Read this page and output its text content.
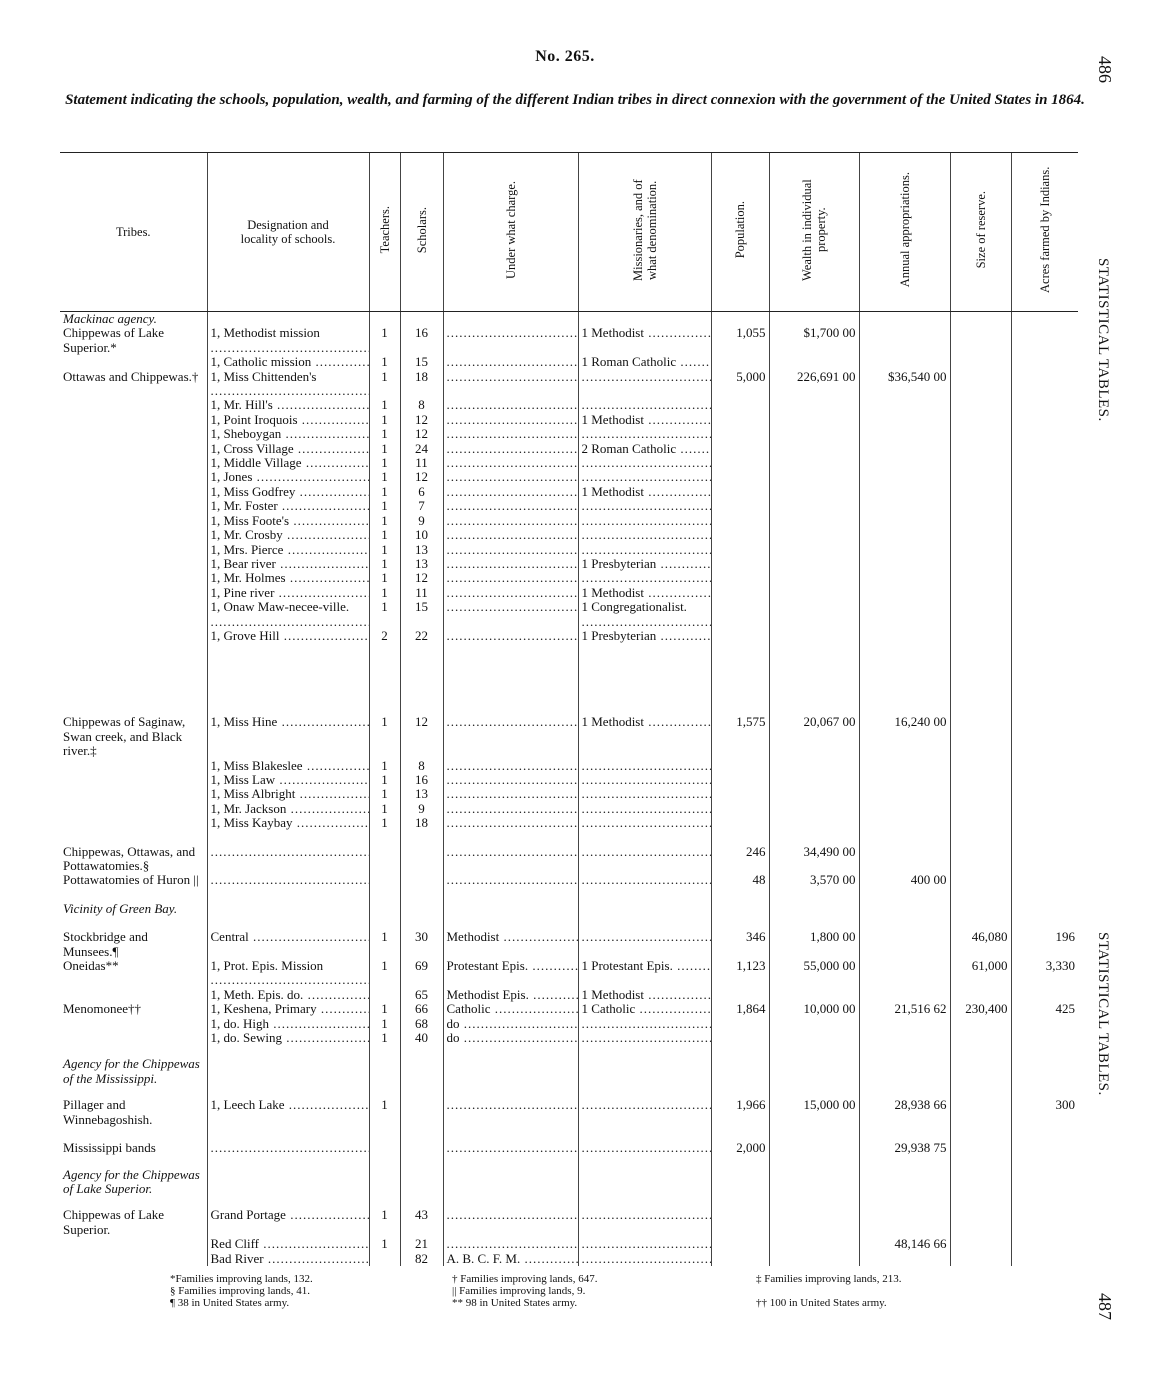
No. 265.
Statement indicating the schools, population, wealth, and farming of the different Indian tribes in direct connexion with the government of the United States in 1864.
486
STATISTICAL TABLES.
STATISTICAL TABLES.
487
Tribes.	Designation and locality of schools.	Teachers.	Scholars.	Under what charge.	Missionaries, and of what denomination.	Population.	Wealth in individual property.	Annual appropriations.	Size of reserve.	Acres farmed by Indians.
Mackinac agency.										
Chippewas of Lake Superior.*	1, Methodist mission .....	1	16	.....	1 Methodist .....	1,055	$1,700 00			
	1, Catholic mission .....	1	15	.....	1 Roman Catholic .....					
Ottawas and Chippewas.†	1, Miss Chittenden's .....	1	18	.....	.....	5,000	226,691 00	$36,540 00		
	1, Mr. Hill's .....	1	8	.....	.....					
	1, Point Iroquois .....	1	12	.....	1 Methodist .....					
	1, Sheboygan .....	1	12	.....	.....					
	1, Cross Village .....	1	24	.....	2 Roman Catholic .....					
	1, Middle Village .....	1	11	.....	.....					
	1, Jones .....	1	12	.....	.....					
	1, Miss Godfrey .....	1	6	.....	1 Methodist .....					
	1, Mr. Foster .....	1	7	.....	.....					
	1, Miss Foote's .....	1	9	.....	.....					
	1, Mr. Crosby .....	1	10	.....	.....					
	1, Mrs. Pierce .....	1	13	.....	.....					
	1, Bear river .....	1	13	.....	1 Presbyterian .....					
	1, Mr. Holmes .....	1	12	.....	.....					
	1, Pine river .....	1	11	.....	1 Methodist .....					
	1, Onaw Maw-necee-ville. .....	1	15	.....	1 Congregationalist. .....					
	1, Grove Hill .....	2	22	.....	1 Presbyterian .....					

Chippewas of Saginaw, Swan creek, and Black river.‡	1, Miss Hine .....	1	12	.....	1 Methodist .....	1,575	20,067 00	16,240 00		
	1, Miss Blakeslee .....	1	8	.....	.....					
	1, Miss Law .....	1	16	.....	.....					
	1, Miss Albright .....	1	13	.....	.....					
	1, Mr. Jackson .....	1	9	.....	.....					
	1, Miss Kaybay .....	1	18	.....	.....					

Chippewas, Ottawas, and Pottawatomies.§	.....			.....	.....	246	34,490 00			
Pottawatomies of Huron ||	.....			.....	.....	48	3,570 00	400 00		

Vicinity of Green Bay.										

Stockbridge and Munsees.¶	Central .....	1	30	Methodist .....	.....	346	1,800 00		46,080	196
Oneidas**	1, Prot. Epis. Mission .....	1	69	Protestant Epis. .....	1 Protestant Epis. .....	1,123	55,000 00		61,000	3,330
	1, Meth. Epis. do. .....		65	Methodist Epis. .....	1 Methodist .....					
Menomonee††	1, Keshena, Primary .....	1	66	Catholic .....	1 Catholic .....	1,864	10,000 00	21,516 62	230,400	425
	1, do. High .....	1	68	do .....	.....					
	1, do. Sewing .....	1	40	do .....	.....					

Agency for the Chippewas of the Mississippi.										

Pillager and Winnebagoshish.	1, Leech Lake .....	1		.....	.....	1,966	15,000 00	28,938 66		300

Mississippi bands	.....			.....	.....	2,000		29,938 75		

Agency for the Chippewas of Lake Superior.										

Chippewas of Lake Superior.	Grand Portage .....	1	43	.....	.....					
	Red Cliff .....	1	21	.....	.....			48,146 66		
	Bad River .....		82	A. B. C. F. M. .....	.....					
*Families improving lands, 132.
§ Families improving lands, 41.
¶ 38 in United States army.
† Families improving lands, 647.
|| Families improving lands, 9.
** 98 in United States army.
‡ Families improving lands, 213.
†† 100 in United States army.
